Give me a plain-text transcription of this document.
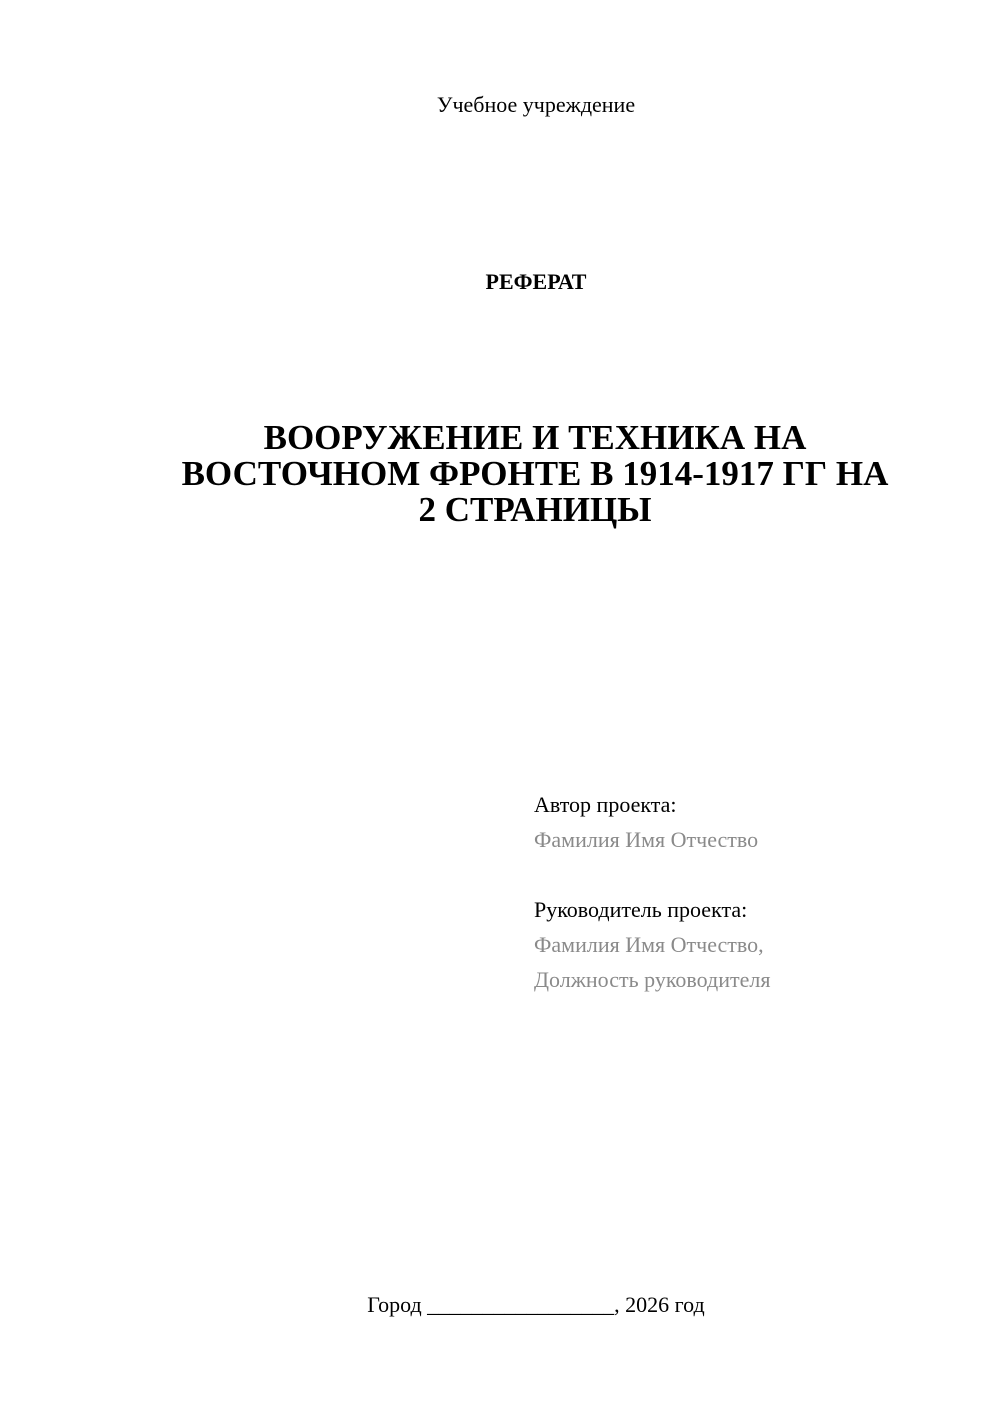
Учебное учреждение
РЕФЕРАТ
ВООРУЖЕНИЕ И ТЕХНИКА НА
ВОСТОЧНОМ ФРОНТЕ В 1914-1917 ГГ НА
2 СТРАНИЦЫ
Автор проекта:
Фамилия Имя Отчество
Руководитель проекта:
Фамилия Имя Отчество,
Должность руководителя
Город _________________, 2026 год
